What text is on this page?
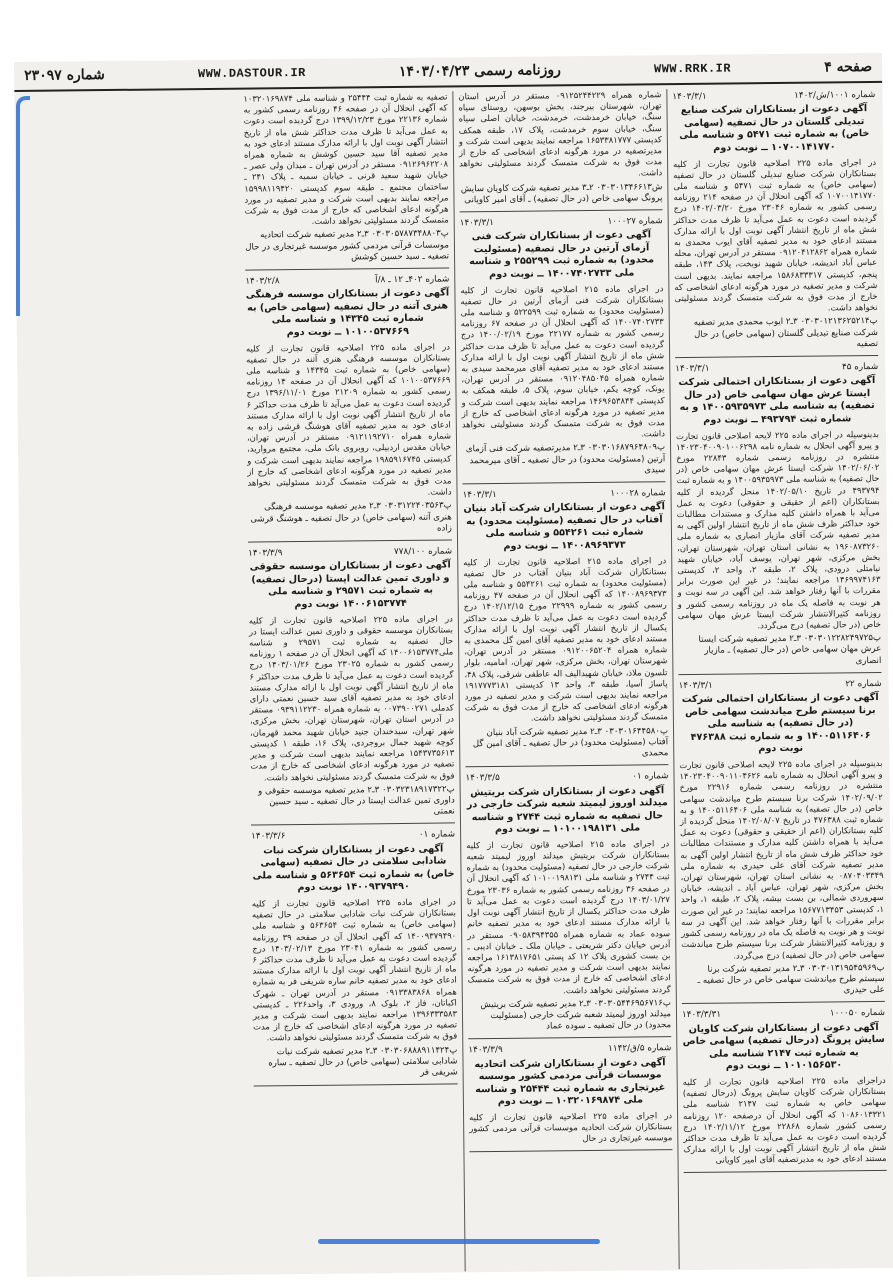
صفحه ۴
WWW.RRK.IR
روزنامه رسمی ۱۴۰۳/۰۴/۲۳
WWW.DASTOUR.IR
شماره ۲۳۰۹۷
شماره ۱۰۰۱/ش/۱۴۰۲
۱۴۰۳/۳/۱
آگهی دعوت از بستانکاران شرکت صنایع تبدیلی گلستان در حال تصفیه (سهامی خاص) به شماره ثبت ۵۴۷۱ و شناسه ملی ۱۰۷۰۰۱۴۱۷۷۰ ــ نوبت دوم
در اجرای ماده ۲۲۵ اصلاحیه قانون تجارت از کلیه بستانکاران شرکت صنایع تبدیلی گلستان در حال تصفیه (سهامی خاص) به شماره ثبت ۵۴۷۱ و شناسه ملی ۱۰۷۰۰۱۴۱۷۷۰ که آگهی انحلال آن در صفحه ۲۱۴ روزنامه رسمی کشور به شماره ۲۳۰۴۶ مورخ ۱۴۰۲/۰۳/۲۰ درج گردیده است دعوت به عمل می‌آید تا ظرف مدت حداکثر شش ماه از تاریخ انتشار آگهی نوبت اول با ارائه مدارک مستند ادعای خود به مدیر تصفیه آقای ایوب محمدی به شماره همراه ۰۹۱۲۰۴۱۲۸۶۲ مستقر در آدرس تهران، محله عباس آباد اندیشه، خیابان شهید نوبخت، پلاک ۱۴۳، طبقه پنجم، کدپستی ۱۵۸۶۸۳۳۳۱۷ مراجعه نمایند. بدیهی است شرکت و مدیر تصفیه در مورد هرگونه ادعای اشخاصی که خارج از مدت فوق به شرکت متمسک گردند مسئولیتی نخواهد داشت.
پ۰۳۰۳۰۱۲۱۳۶۲۵۲۱۴ ۳ـ۲ ایوب محمدی مدیر تصفیه شرکت صنایع تبدیلی گلستان (سهامی خاص) در حال تصفیه
شماره ۴۵
۱۴۰۳/۳/۱
آگهی دعوت از بستانکاران احتمالی شرکت ایستا عرش مهان سهامی خاص (در حال تصفیه) به شناسه ملی ۱۴۰۰۵۹۳۵۹۷۳ و به شماره ثبت ۴۹۳۷۹۴ ــ نوبت دوم
بدینوسیله در اجرای ماده ۲۲۵ لایحه اصلاحی قانون تجارت و پیرو آگهی انحلال به شماره نامه ۱۴۰۲۳۰۴۰۰۹۰۱۰۰۶۲۹۸ منتشره در روزنامه رسمی شماره ۲۲۸۴۳ مورخ ۱۴۰۲/۰۶/۰۲ شرکت ایستا عرش مهان سهامی خاص (در حال تصفیه) به شناسه ملی ۱۴۰۰۵۹۳۵۹۷۳ و به شماره ثبت ۴۹۳۷۹۴ در تاریخ ۱۴۰۲/۰۵/۱۰ منحل گردیده از کلیه بستانکاران (اعم از حقیقی و حقوقی) دعوت به عمل می‌آید با همراه داشتن کلیه مدارک و مستندات مطالبات خود حداکثر ظرف شش ماه از تاریخ انتشار اولین آگهی به مدیر تصفیه شرکت آقای مازیار انصاری به شماره ملی ۱۹۶۰۸۷۳۲۶۰ به نشانی استان تهران، شهرستان تهران، بخش مرکزی، شهر تهران، یوسف آباد، خیابان شهید نیامتلی درودی، پلاک ۲، طبقه ۲، واحد ۲، کدپستی ۱۴۶۹۹۷۴۱۶۳ مراجعه نمایند؛ در غیر این صورت برابر مقررات با آنها رفتار خواهد شد. این آگهی در سه نوبت و هر نوبت به فاصله یک ماه در روزنامه رسمی کشور و روزنامه کثیرالانتشار شرکت ایستا عرش مهان سهامی خاص (در حال تصفیه) درج می‌گردد.
پ۰۳۰۳۰۱۲۲۸۲۴۹۷۲۵ ۳ـ۲ مدیر تصفیه شرکت ایستا عرش مهان سهامی خاص (در حال تصفیه) ـ مازیار انصاری
شماره ۲۲
۱۴۰۳/۳/۱
آگهی دعوت از بستانکاران احتمالی شرکت برنا سیستم طرح میاندشت سهامی خاص (در حال تصفیه) به شناسه ملی ۱۴۰۰۵۱۱۶۴۰۶ و به شماره ثبت ۴۷۶۳۸۸ نوبت دوم
بدینوسیله در اجرای ماده ۲۲۵ لایحه اصلاحی قانون تجارت و پیرو آگهی انحلال به شماره نامه ۱۴۰۲۳۰۴۰۰۹۰۱۱۰۴۶۲۶ منتشره در روزنامه رسمی شماره ۲۲۹۱۶ مورخ ۱۴۰۲/۰۹/۰۲ شرکت برنا سیستم طرح میاندشت سهامی خاص (در حال تصفیه) به شناسه ملی ۱۴۰۰۵۱۱۶۴۰۶ و به شماره ثبت ۴۷۶۳۸۸ در تاریخ ۱۴۰۲/۰۸/۰۷ منحل گردیده از کلیه بستانکاران (اعم از حقیقی و حقوقی) دعوت به عمل می‌آید با همراه داشتن کلیه مدارک و مستندات مطالبات خود حداکثر ظرف شش ماه از تاریخ انتشار اولین آگهی به مدیر تصفیه شرکت آقای علی حیدری به شماره ملی ۰۸۷۰۴۰۳۳۴۹ به نشانی استان تهران، شهرستان تهران، بخش مرکزی، شهر تهران، عباس آباد ـ اندیشه، خیابان سهروردی شمالی، بن بست بیشه، پلاک ۲، طبقه ۱، واحد ۱، کدپستی ۱۵۶۷۷۱۳۴۵۳ مراجعه نمایند؛ در غیر این صورت برابر مقررات با آنها رفتار خواهد شد. این آگهی در سه نوبت و هر نوبت به فاصله یک ماه در روزنامه رسمی کشور و روزنامه کثیرالانتشار شرکت برنا سیستم طرح میاندشت سهامی خاص (در حال تصفیه) درج می‌گردد.
پ۰۳۰۳۰۱۳۱۹۵۴۵۹۶۹ ۳ـ۲ مدیر تصفیه شرکت برنا سیستم طرح میاندشت سهامی خاص در حال تصفیه ـ علی حیدری
شماره ۱۰۰۰۵۰
۱۴۰۳/۳/۳۱
آگهی دعوت از بستانکاران شرکت کاویان سایش پرونگ (درحال تصفیه) سهامی خاص به شماره ثبت ۲۱۴۷ شناسه ملی ۱۰۱۰۱۵۶۵۳۰ ــ نوبت دوم
دراجرای ماده ۲۲۵ اصلاحیه قانون تجارت از کلیه بستانکاران شرکت کاویان سایش پرونگ (درحال تصفیه) سهامی خاص به شماره ثبت ۲۱۴۷ شناسه ملی ۱۰۸۶۰۱۳۳۲۱ که آگهی انحلال آن درصفحه ۱۲۰ روزنامه رسمی کشور شماره ۲۲۸۶۸ مورخ ۱۴۰۲/۱۱/۱۲ درج گردیده است دعوت به عمل می‌آید تا ظرف مدت حداکثر شش ماه از تاریخ انتشار آگهی نوبت اول با ارائه مدارک مستند ادعای خود به مدیرتصفیه آقای امیر کاویانی
شماره همراه ۰۹۱۲۵۲۴۴۲۲۹ مستقر در آدرس استان تهران، شهرستان بیرجند، بخش بوسهن، روستای سیاه سنگ، خیابان خرمدشت، خرمدشت، خیابان اصلی سیاه سنگ، خیابان سوم خرمدشت، پلاک ۱۷، طبقه همکف کدپستی ۱۶۵۳۳۸۱۷۷۷ مراجعه نمایند بدیهی است شرکت و مدیرتصفیه در مورد هرگونه ادعای اشخاصی که خارج از مدت فوق به شرکت متمسک گردند مسئولیتی نخواهد داشت.
ش۰۳۰۳۰۱۳۴۶۶۱۳ ۲ـ۳ مدیر تصفیه شرکت کاویان سایش پرونگ سهامی خاص (در حال تصفیه) ـ آقای امیر کاویانی
شماره ۱۰۰۰۲۷
۱۴۰۳/۳/۱
آگهی دعوت از بستانکاران شرکت فنی آزمای آرتین در حال تصفیه (مسئولیت محدود) به شماره ثبت ۲۵۵۲۹۹ و شناسه ملی ۱۴۰۰۷۴۰۲۷۳۳ ــ نوبت دوم
در اجرای ماده ۲۱۵ اصلاحیه قانون تجارت از کلیه بستانکاران شرکت فنی آزمای آرتین در حال تصفیه (مسئولیت محدود) به شماره ثبت ۵۲۲۵۹۹ و شناسه ملی ۱۴۰۰۷۴۰۲۷۳۳ که آگهی انحلال آن در صفحه ۶۷ روزنامه رسمی کشور به شماره ۲۲۱۷۷ مورخ ۱۴۰۰/۰۲/۱۹ درج گردیده است دعوت به عمل می‌آید تا ظرف مدت حداکثر شش ماه از تاریخ انتشار آگهی نوبت اول با ارائه مدارک مستند ادعای خود به مدیر تصفیه آقای میرمحمد سیدی به شماره همراه ۰۹۱۲۰۴۸۵۰۴۵ مستقر در آدرس تهران، یونک، کوچه یکم، خیابان سوم، پلاک ۵، طبقه همکف به کدپستی ۱۴۶۹۶۵۳۸۴۴ مراجعه نمایند بدیهی است شرکت و مدیر تصفیه در مورد هرگونه ادعای اشخاصی که خارج از مدت فوق به شرکت متمسک گردند مسئولیتی نخواهد داشت.
پ۰۳۰۳۰۱۶۸۷۹۶۴۸۰۹ ۳ـ۲ مدیرتصفیه شرکت فنی آزمای آرتین (مسئولیت محدود) در حال تصفیه ـ آقای میرمحمد سیدی
شماره ۱۰۰۰۲۸
۱۴۰۳/۳/۱
آگهی دعوت از بستانکاران شرکت آباد بنیان آفتاب در حال تصفیه (مسئولیت محدود) به شماره ثبت ۵۵۴۲۶۱ و شناسه ملی ۱۴۰۰۸۹۶۹۳۷۳ ــ نوبت دوم
در اجرای ماده ۲۱۵ اصلاحیه قانون تجارت از کلیه بستانکاران شرکت آباد بنیان آفتاب در حال تصفیه (مسئولیت محدود) به شماره ثبت ۵۵۴۲۶۱ و شناسه ملی ۱۴۰۰۸۹۶۹۳۷۳ که آگهی انحلال آن در صفحه ۴۷ روزنامه رسمی کشور به شماره ۲۲۹۹۹ مورخ ۱۴۰۲/۱۲/۱۵ درج گردیده است دعوت به عمل می‌آید تا ظرف مدت حداکثر یکسال از تاریخ انتشار آگهی نوبت اول با ارائه مدارک مستند ادعای خود به مدیر تصفیه آقای امین گل محمدی به شماره همراه ۰۹۱۲۰۰۶۵۲۰۴ مستقر در آدرس تهران، شهرستان تهران، بخش مرکزی، شهر تهران، امامیه، بلوار تلسون ملاذ، خیابان شهیدالیف اله عاطفی شرقی، پلاک ۴۸، پاساژ آسیا، طبقه ۳، واحد ۱۳ کدپستی ۱۹۱۷۷۷۳۱۸۱ مراجعه نمایند بدیهی است شرکت و مدیر تصفیه در مورد هرگونه ادعای اشخاصی که خارج از مدت فوق به شرکت متمسک گردند مسئولیتی نخواهد داشت.
پ۰۳۰۳۰۱۶۴۴۵۸۰ ۳ـ۲ مدیر تصفیه شرکت آباد بنیان آفتاب (مسئولیت محدود) در حال تصفیه ـ آقای امین گل محمدی
شماره ۰۱
۱۴۰۳/۳/۵
آگهی دعوت از بستانکاران شرکت بریتیش میدلند اوروز لیمیتد شعبه شرکت خارجی در حال تصفیه به شماره ثبت ۲۷۴۴ و شناسه ملی ۱۰۱۰۰۱۹۸۱۳۱ ــ نوبت دوم
در اجرای ماده ۲۱۵ اصلاحیه قانون تجارت از کلیه بستانکاران شرکت بریتیش میدلند اوروز لیمیتد شعبه شرکت خارجی در حال تصفیه (مسئولیت محدود) به شماره ثبت ۲۷۴۴ و شناسه ملی ۱۰۱۰۰۱۹۸۱۳۱ که آگهی انحلال آن در صفحه ۳۶ روزنامه رسمی کشور به شماره ۲۳۰۳۶ مورخ ۱۴۰۳/۰۱/۲۷ درج گردیده است دعوت به عمل می‌آید تا ظرف مدت حداکثر یکسال از تاریخ انتشار آگهی نوبت اول با ارائه مدارک مستند ادعای خود به مدیر تصفیه خانم سوده عماد به شماره همراه ۰۹۰۵۸۳۹۴۳۵۵ مستقر در آدرس خیابان دکتر شریعتی ـ خیابان ملک ـ خیابان ادیبی ـ بن بست کشوری پلاک ۱۲ کد پستی ۱۶۱۳۸۱۷۶۵۱ مراجعه نمایند بدیهی است شرکت و مدیر تصفیه در مورد هرگونه ادعای اشخاصی که خارج از مدت فوق به شرکت متمسک گردند مسئولیتی نخواهد داشت.
پ۰۳۰۳۰۵۴۴۶۹۵۶۷۱۶ ۳ـ۲ مدیر تصفیه شرکت بریتیش میدلند اوروز لیمیتد شعبه شرکت خارجی (مسئولیت محدود) در حال تصفیه ـ سوده عماد
شماره ۵/ق/۱۱۴۲
۱۴۰۳/۳/۹
آگهی دعوت از بستانکاران شرکت اتحادیه موسسات قرآنی مردمی کشور موسسه غیرتجاری به شماره ثبت ۲۵۴۴۴ و شناسه ملی ۱۰۳۲۰۱۶۹۸۷۴ ــ نوبت دوم
در اجرای ماده ۲۲۵ اصلاحیه قانون تجارت از کلیه بستانکاران شرکت اتحادیه موسسات قرآنی مردمی کشور موسسه غیرتجاری در حال
تصفیه به شماره ثبت ۲۵۴۴۴ و شناسه ملی ۱۰۳۲۰۱۶۹۸۷۴ که آگهی انحلال آن در صفحه ۴۶ روزنامه رسمی کشور به شماره ۲۲۱۳۶ مورخ ۱۳۹۹/۱۲/۲۳ درج گردیده است دعوت به عمل می‌آید تا ظرف مدت حداکثر شش ماه از تاریخ انتشار آگهی نوبت اول با ارائه مدارک مستند ادعای خود به مدیر تصفیه آقا سید حسین کوشش به شماره همراه ۰۹۱۲۶۹۶۲۲۰۸ مستقر در آدرس تهران ـ میدان ولی عصر ـ خیابان شهید سعید قرنی ـ خیابان سمیه ـ پلاک ۲۴۱ ـ ساختمان مجتمع ـ طبقه سوم کدپستی ۱۵۹۹۸۱۱۹۴۲۰ مراجعه نمایند بدیهی است شرکت و مدیر تصفیه در مورد هرگونه ادعای اشخاصی که خارج از مدت فوق به شرکت متمسک گردند مسئولیتی نخواهد داشت.
پ۰۳۰۳۰۵۷۸۷۳۴۸۸۰۳ ۳ـ۲ مدیر تصفیه شرکت اتحادیه موسسات قرآنی مردمی کشور موسسه غیرتجاری در حال تصفیه ـ سید حسین کوشش
شماره ۴۰۲ـ ۱۲ ـ ۸/آ
۱۴۰۳/۲/۸
آگهی دعوت از بستانکاران موسسه فرهنگی هنری آتنه در حال تصفیه (سهامی خاص) به شماره ثبت ۱۴۳۴۵ و شناسه ملی ۱۰۱۰۰۵۳۷۶۶۹ ــ نوبت دوم
در اجرای ماده ۲۲۵ اصلاحیه قانون تجارت از کلیه بستانکاران موسسه فرهنگی هنری آتنه در حال تصفیه (سهامی خاص) به شماره ثبت ۱۴۳۴۵ و شناسه ملی ۱۰۱۰۰۵۳۷۶۶۹ که آگهی انحلال آن در صفحه ۱۴ روزنامه رسمی کشور به شماره ۲۱۲۰۹ مورخ ۱۳۹۶/۱۱/۰۱ درج گردیده است دعوت به عمل می‌آید تا ظرف مدت حداکثر ۶ ماه از تاریخ انتشار آگهی نوبت اول با ارائه مدارک مستند ادعای خود به مدیر تصفیه آقای هوشنگ قرشی زاده به شماره همراه ۰۹۱۲۱۱۹۲۷۱۰ مستقر در آدرس تهران، خیابان مقدس اردبیلی، روبروی بانک ملی، مجتمع مروارید، کدپستی ۱۹۸۵۹۱۶۷۴۵ مراجعه نمایند بدیهی است شرکت و مدیر تصفیه در مورد هرگونه ادعای اشخاصی که خارج از مدت فوق به شرکت متمسک گردند مسئولیتی نخواهد داشت.
پ۰۳۰۳۱۲۲۴۰۳۵۶۳ ۳ـ۲ مدیر تصفیه موسسه فرهنگی هنری آتنه (سهامی خاص) در حال تصفیه ـ هوشنگ قرشی زاده
شماره ۷۷۸/۱۰۰
۱۴۰۳/۳/۹
آگهی دعوت از بستانکاران موسسه حقوقی و داوری تمین عدالت ایستا (درحال تصفیه) به شماره ثبت ۲۹۵۷۱ و شناسه ملی ۱۴۰۰۶۱۵۳۷۷۴ نوبت دوم
در اجرای ماده ۲۲۵ اصلاحیه قانون تجارت از کلیه بستانکاران موسسه حقوقی و داوری تمین عدالت ایستا در حال تصفیه به شماره ثبت ۲۹۵۷۱ و شناسه ملی۱۴۰۰۶۱۵۳۷۷۴ که آگهی انحلال آن در صفحه ۱ روزنامه رسمی کشور به شماره ۲۳۰۲۵ مورخ ۱۴۰۳/۰۱/۲۶ درج گردیده است دعوت به عمل می‌آید تا ظرف مدت حداکثر ۶ ماه از تاریخ انتشار آگهی نوبت اول با ارائه مدارک مستند ادعای خود به مدیر تصفیه آقای سید حسین نعمتی دارای کدملی ۰۰۷۳۹۰۰۲۷۱ به شماره همراه ۰۹۳۹۱۱۲۲۳۰ مستقر در آدرس استان تهران، شهرستان تهران، بخش مرکزی، شهر تهران، سیدخندان جنید خیابان شهید محمد قهرمان، کوچه شهید جمال بروجردی، پلاک ۱۶، طبقه ۱ کدپستی ۱۵۴۳۷۳۵۶۱۳ مراجعه نمایند بدیهی است شرکت و مدیر تصفیه در مورد هرگونه ادعای اشخاصی که خارج از مدت فوق به شرکت متمسک گردند مسئولیتی نخواهد داشت.
پ۰۳۰۳۲۳۱۸۹۱۷۳۲۲ ۳ـ۲ مدیر تصفیه موسسه حقوقی و داوری تمین عدالت ایستا در حال تصفیه ـ سید حسین نعمتی
شماره ۰۱
۱۴۰۳/۳/۶
آگهی دعوت از بستانکاران شرکت نبات شادابی سلامتی در حال تصفیه (سهامی خاص) به شماره ثبت ۵۶۳۶۵۴ و شناسه ملی ۱۴۰۰۹۳۷۹۴۹۰ نوبت دوم
در اجرای ماده ۲۲۵ اصلاحیه قانون تجارت از کلیه بستانکاران شرکت نبات شادابی سلامتی در حال تصفیه (سهامی خاص) به شماره ثبت ۵۶۳۶۵۴ و شناسه ملی ۱۴۰۰۹۳۷۹۴۹۰ که آگهی انحلال آن در صفحه ۳۹ روزنامه رسمی کشور به شماره ۲۳۰۴۱ مورخ ۱۴۰۳/۰۲/۱۳ درج گردیده است دعوت به عمل می‌آید تا ظرف مدت حداکثر ۶ ماه از تاریخ انتشار آگهی نوبت اول با ارائه مدارک مستند ادعای خود به مدیر تصفیه خانم ساره شریفی فر به شماره همراه ۰۹۱۳۳۸۳۸۶۸ مستقر در آدرس تهران ـ شهرک اکباتان، فاز ۲، بلوک ۸، ورودی ۳، واحد۲۲۶ ـ کدپستی ۱۳۹۶۳۳۳۵۸۳ مراجعه نمایند بدیهی است شرکت و مدیر تصفیه در مورد هرگونه ادعای اشخاصی که خارج از مدت فوق به شرکت متمسک گردند مسئولیتی نخواهد داشت.
پ۰۳۰۳۰۶۸۸۸۹۱۱۴۲۴ ۳ـ۲ مدیر تصفیه شرکت نبات شادابی سلامتی (سهامی خاص) در حال تصفیه ـ ساره شریفی فر
